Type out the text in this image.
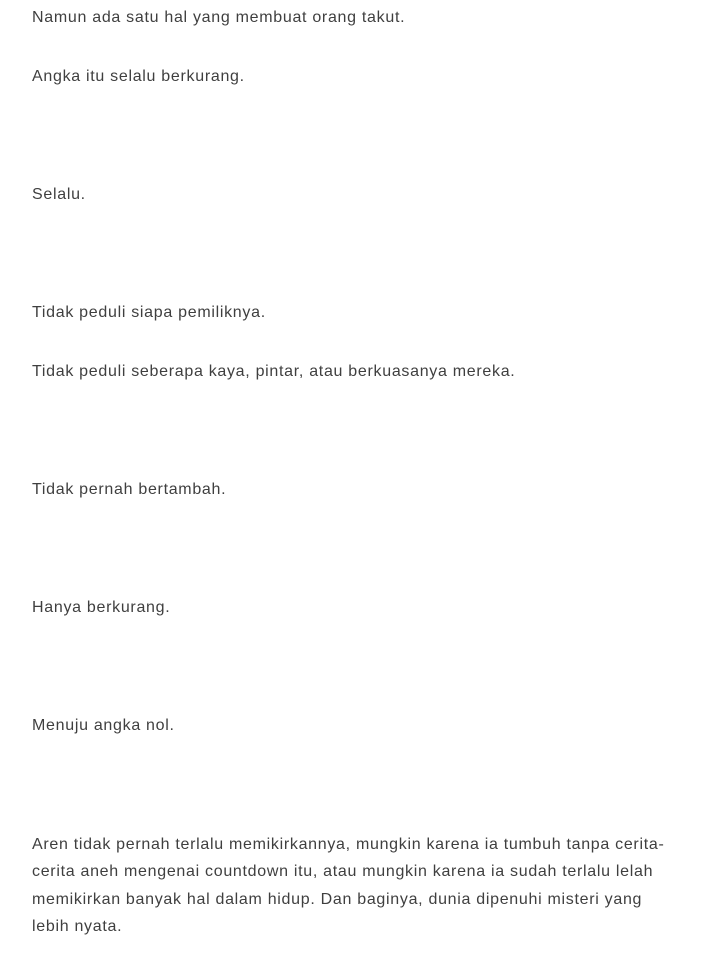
Namun ada satu hal yang membuat orang takut.

Angka itu selalu berkurang.

Selalu.

Tidak peduli siapa pemiliknya.

Tidak peduli seberapa kaya, pintar, atau berkuasanya mereka.

Tidak pernah bertambah.

Hanya berkurang.

Menuju angka nol.

Aren tidak pernah terlalu memikirkannya, mungkin karena ia tumbuh tanpa cerita-cerita aneh mengenai countdown itu, atau mungkin karena ia sudah terlalu lelah memikirkan banyak hal dalam hidup. Dan baginya, dunia dipenuhi misteri yang lebih nyata.
